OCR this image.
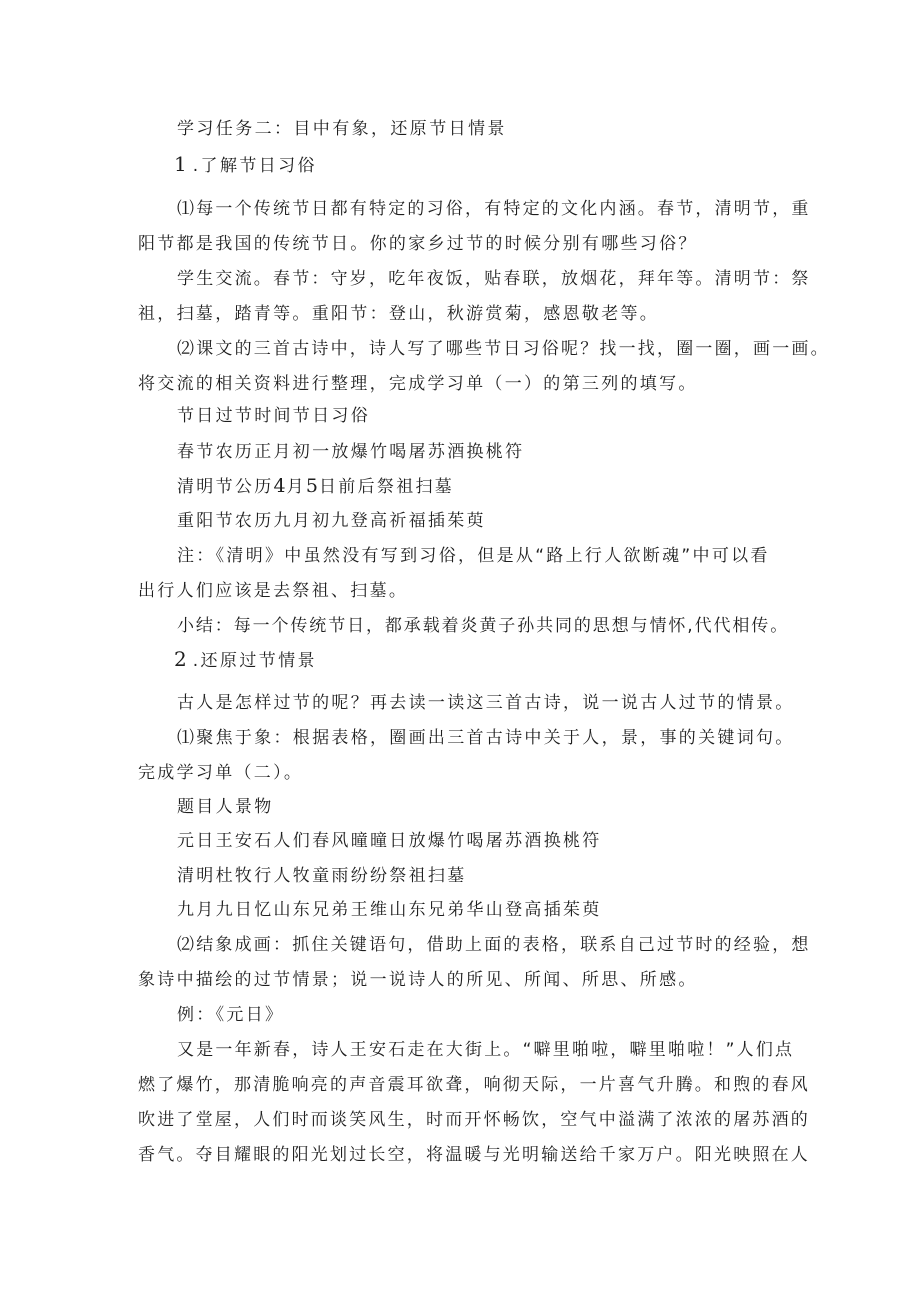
学习任务二：目中有象，还原节日情景

1.了解节日习俗

⑴每一个传统节日都有特定的习俗，有特定的文化内涵。春节，清明节，重

阳节都是我国的传统节日。你的家乡过节的时候分别有哪些习俗？

学生交流。春节：守岁，吃年夜饭，贴春联，放烟花，拜年等。清明节：祭

祖，扫墓，踏青等。重阳节：登山，秋游赏菊，感恩敬老等。

⑵课文的三首古诗中，诗人写了哪些节日习俗呢？找一找，圈一圈，画一画。

将交流的相关资料进行整理，完成学习单（一）的第三列的填写。

节日过节时间节日习俗

春节农历正月初一放爆竹喝屠苏酒换桃符

清明节公历4月5日前后祭祖扫墓

重阳节农历九月初九登高祈福插茱萸

注：《清明》中虽然没有写到习俗，但是从“路上行人欲断魂”中可以看

出行人们应该是去祭祖、扫墓。

小结：每一个传统节日，都承载着炎黄子孙共同的思想与情怀,代代相传。

2.还原过节情景

古人是怎样过节的呢？再去读一读这三首古诗，说一说古人过节的情景。

⑴聚焦于象：根据表格，圈画出三首古诗中关于人，景，事的关键词句。

完成学习单（二）。

题目人景物

元日王安石人们春风曈曈日放爆竹喝屠苏酒换桃符

清明杜牧行人牧童雨纷纷祭祖扫墓

九月九日忆山东兄弟王维山东兄弟华山登高插茱萸

⑵结象成画：抓住关键语句，借助上面的表格，联系自己过节时的经验，想

象诗中描绘的过节情景；说一说诗人的所见、所闻、所思、所感。

例：《元日》

又是一年新春，诗人王安石走在大街上。“噼里啪啦，噼里啪啦！”人们点

燃了爆竹，那清脆响亮的声音震耳欲聋，响彻天际，一片喜气升腾。和煦的春风

吹进了堂屋，人们时而谈笑风生，时而开怀畅饮，空气中溢满了浓浓的屠苏酒的

香气。夺目耀眼的阳光划过长空，将温暖与光明输送给千家万户。阳光映照在人
